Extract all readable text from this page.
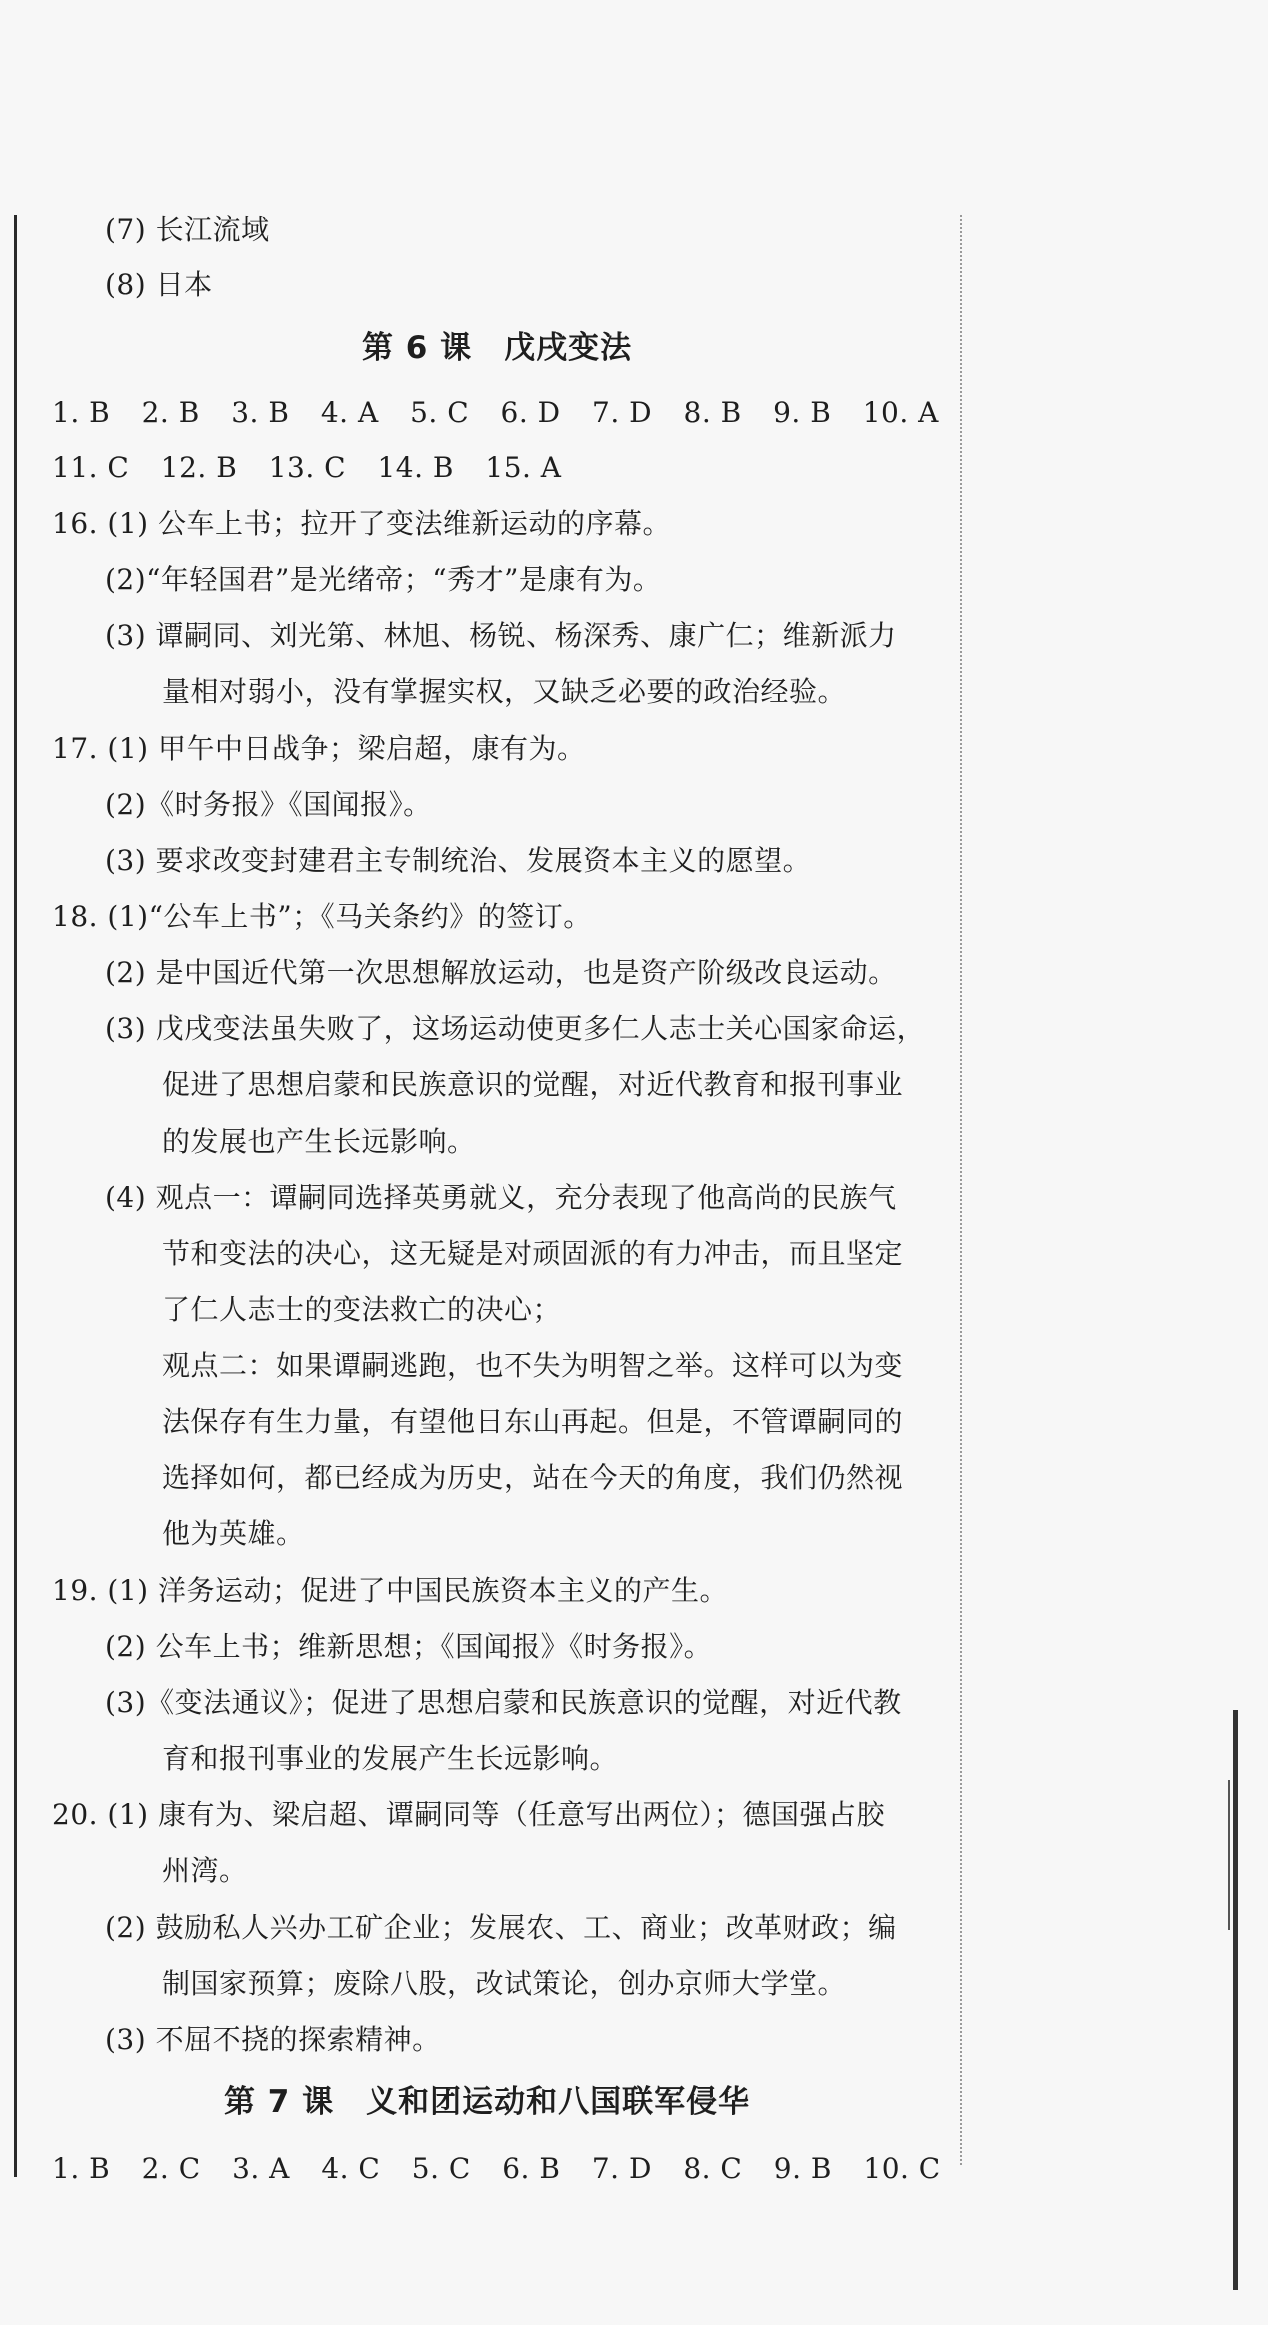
(7) 长江流域
(8) 日本
第 6 课　戊戌变法
1. B 2. B 3. B 4. A 5. C 6. D 7. D 8. B 9. B 10. A
11. C 12. B 13. C 14. B 15. A
16. (1) 公车上书；拉开了变法维新运动的序幕。
(2)“年轻国君”是光绪帝；“秀才”是康有为。
(3) 谭嗣同、刘光第、林旭、杨锐、杨深秀、康广仁；维新派力
量相对弱小，没有掌握实权，又缺乏必要的政治经验。
17. (1) 甲午中日战争；梁启超，康有为。
(2)《时务报》《国闻报》。
(3) 要求改变封建君主专制统治、发展资本主义的愿望。
18. (1)“公车上书”；《马关条约》的签订。
(2) 是中国近代第一次思想解放运动，也是资产阶级改良运动。
(3) 戊戌变法虽失败了，这场运动使更多仁人志士关心国家命运，
促进了思想启蒙和民族意识的觉醒，对近代教育和报刊事业
的发展也产生长远影响。
(4) 观点一：谭嗣同选择英勇就义，充分表现了他高尚的民族气
节和变法的决心，这无疑是对顽固派的有力冲击，而且坚定
了仁人志士的变法救亡的决心；
观点二：如果谭嗣逃跑，也不失为明智之举。这样可以为变
法保存有生力量，有望他日东山再起。但是，不管谭嗣同的
选择如何，都已经成为历史，站在今天的角度，我们仍然视
他为英雄。
19. (1) 洋务运动；促进了中国民族资本主义的产生。
(2) 公车上书；维新思想；《国闻报》《时务报》。
(3)《变法通议》；促进了思想启蒙和民族意识的觉醒，对近代教
育和报刊事业的发展产生长远影响。
20. (1) 康有为、梁启超、谭嗣同等（任意写出两位）；德国强占胶
州湾。
(2) 鼓励私人兴办工矿企业；发展农、工、商业；改革财政；编
制国家预算；废除八股，改试策论，创办京师大学堂。
(3) 不屈不挠的探索精神。
第 7 课　义和团运动和八国联军侵华
1. B 2. C 3. A 4. C 5. C 6. B 7. D 8. C 9. B 10. C
